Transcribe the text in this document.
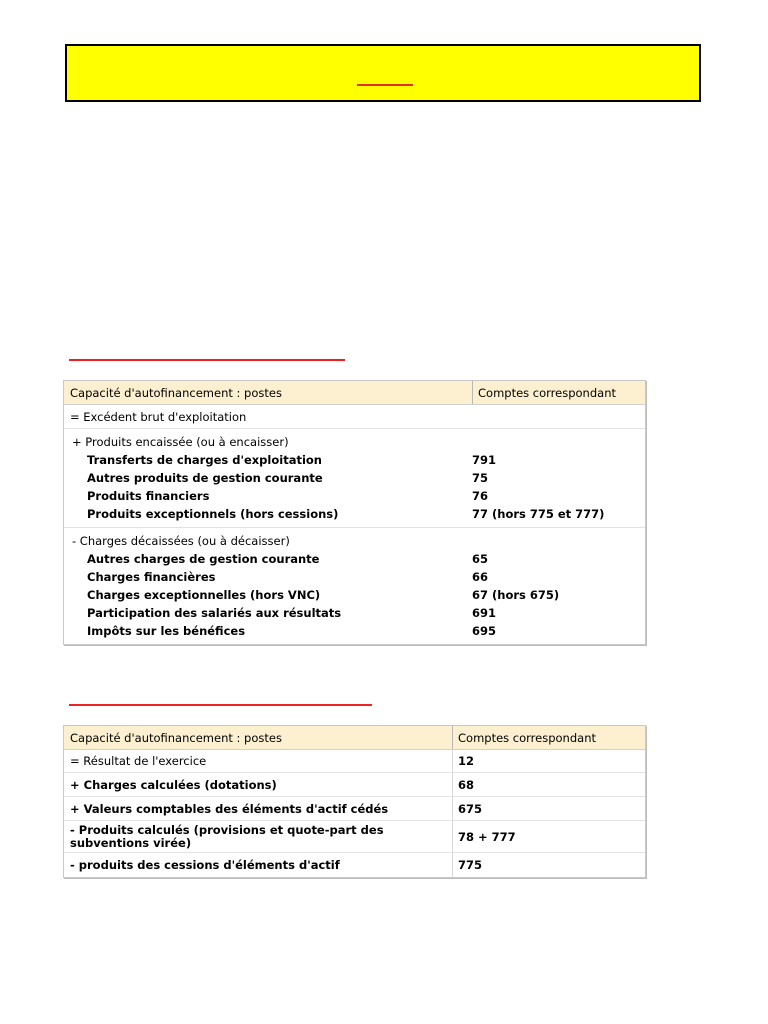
Capacité d'autofinancement : postes	Comptes correspondant
= Excédent brut d'exploitation
+ Produits encaissée (ou à encaisser)
Transferts de charges d'exploitation	791
Autres produits de gestion courante	75
Produits financiers	76
Produits exceptionnels (hors cessions)	77 (hors 775 et 777)
- Charges décaissées (ou à décaisser)
Autres charges de gestion courante	65
Charges financières	66
Charges exceptionnelles (hors VNC)	67 (hors 675)
Participation des salariés aux résultats	691
Impôts sur les bénéfices	695
Capacité d'autofinancement : postes	Comptes correspondant
= Résultat de l'exercice	12
+ Charges calculées (dotations)	68
+ Valeurs comptables des éléments d'actif cédés	675
- Produits calculés (provisions et quote-part des subventions virée)	78 + 777
- produits des cessions d'éléments d'actif	775
